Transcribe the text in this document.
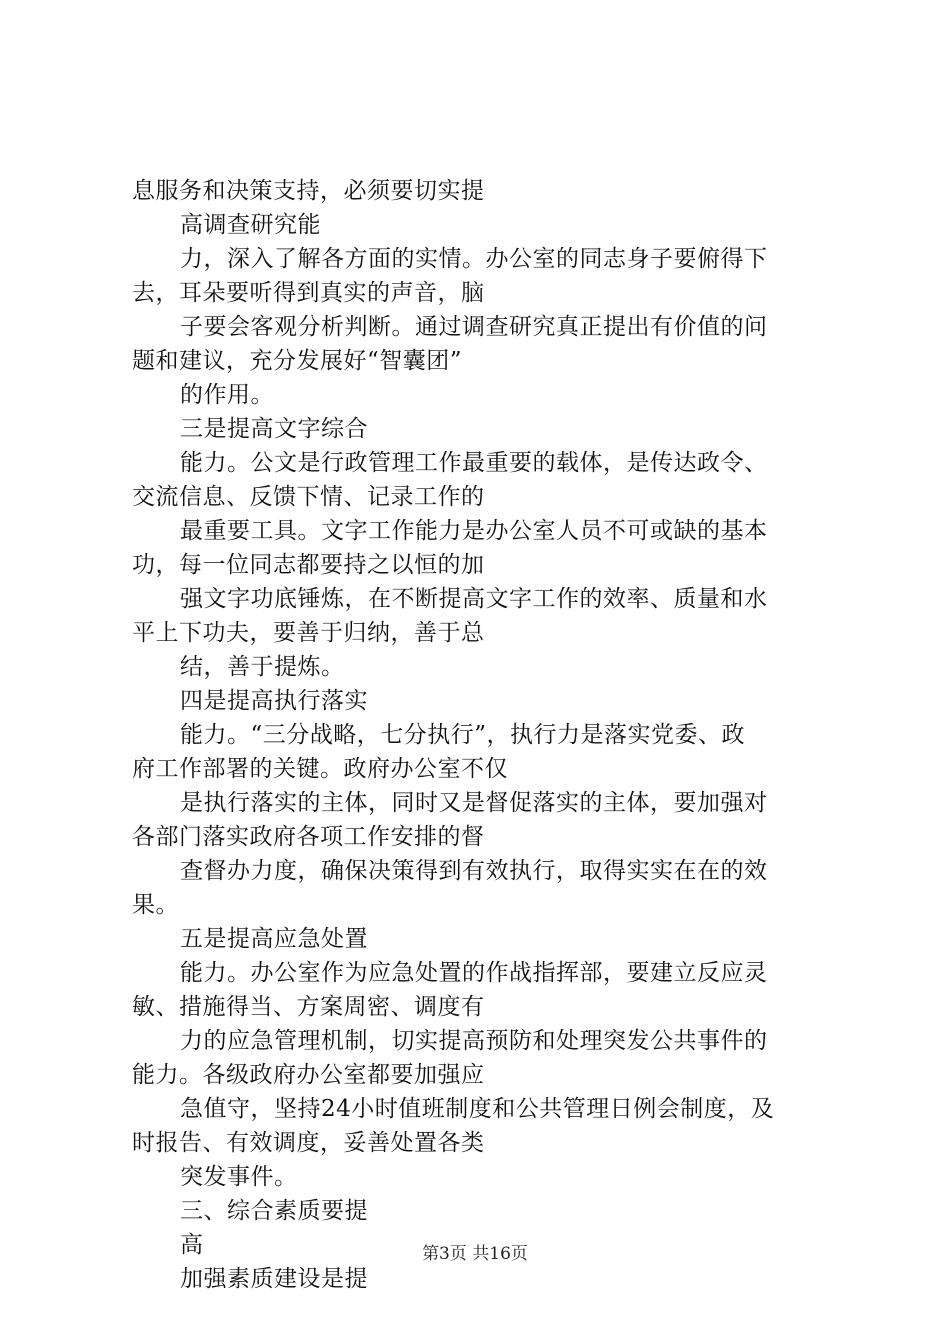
息服务和决策支持，必须要切实提
高调查研究能
力，深入了解各方面的实情。办公室的同志身子要俯得下
去，耳朵要听得到真实的声音，脑
子要会客观分析判断。通过调查研究真正提出有价值的问
题和建议，充分发展好“智囊团”
的作用。
三是提高文字综合
能力。公文是行政管理工作最重要的载体，是传达政令、
交流信息、反馈下情、记录工作的
最重要工具。文字工作能力是办公室人员不可或缺的基本
功，每一位同志都要持之以恒的加
强文字功底锤炼，在不断提高文字工作的效率、质量和水
平上下功夫，要善于归纳，善于总
结，善于提炼。
四是提高执行落实
能力。“三分战略，七分执行”，执行力是落实党委、政
府工作部署的关键。政府办公室不仅
是执行落实的主体，同时又是督促落实的主体，要加强对
各部门落实政府各项工作安排的督
查督办力度，确保决策得到有效执行，取得实实在在的效
果。
五是提高应急处置
能力。办公室作为应急处置的作战指挥部，要建立反应灵
敏、措施得当、方案周密、调度有
力的应急管理机制，切实提高预防和处理突发公共事件的
能力。各级政府办公室都要加强应
急值守，坚持24小时值班制度和公共管理日例会制度，及
时报告、有效调度，妥善处置各类
突发事件。
三、综合素质要提
高
加强素质建设是提
第3页 共16页
